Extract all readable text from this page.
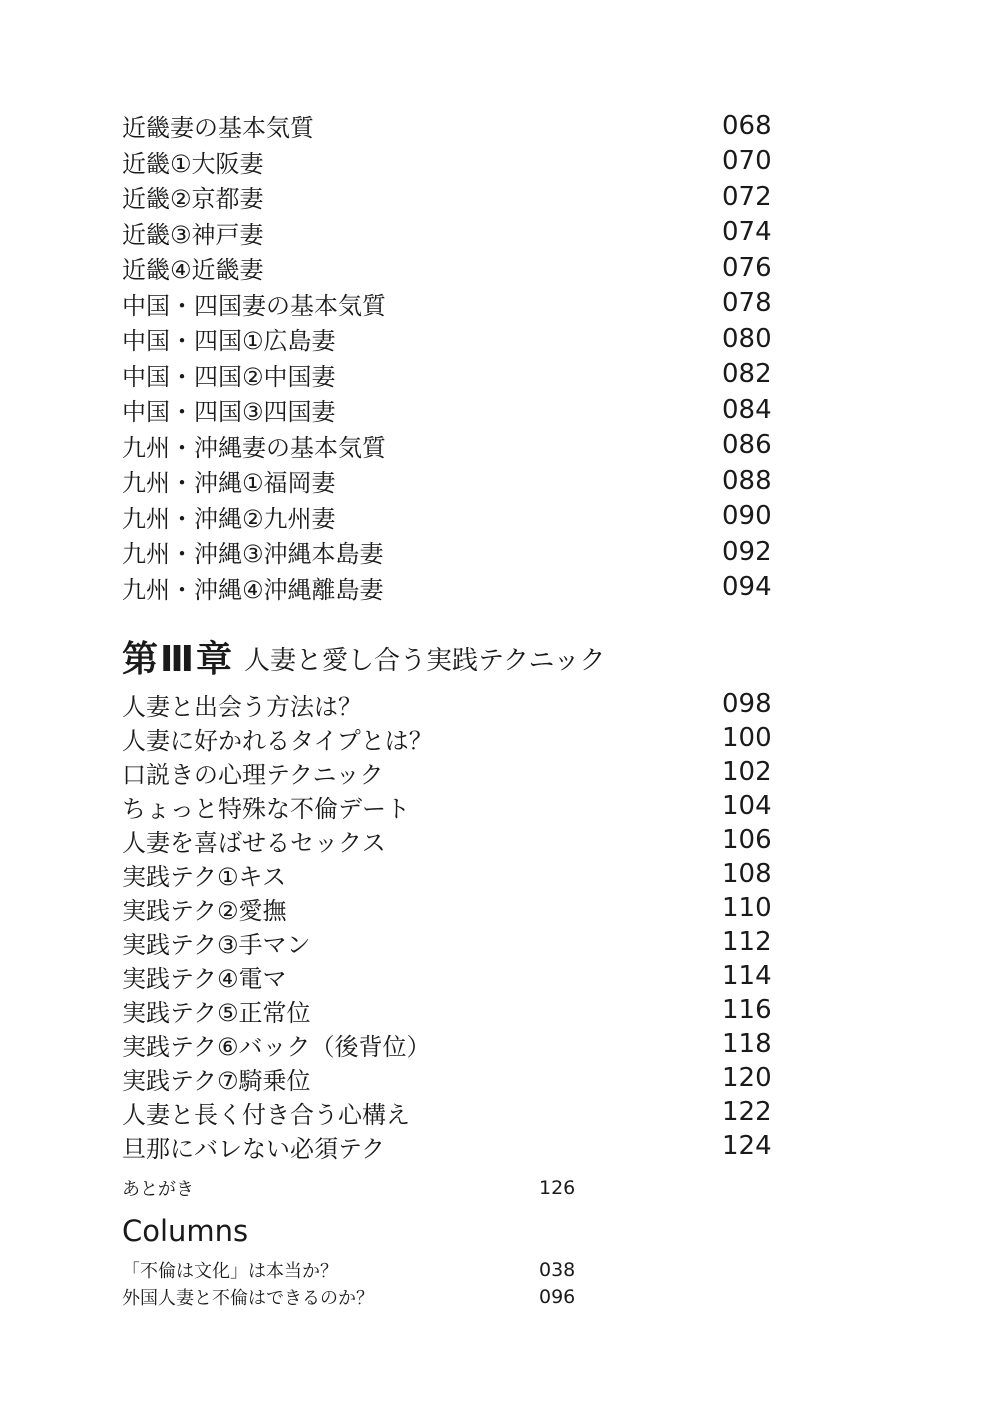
近畿妻の基本気質	068
近畿①大阪妻	070
近畿②京都妻	072
近畿③神戸妻	074
近畿④近畿妻	076
中国・四国妻の基本気質	078
中国・四国①広島妻	080
中国・四国②中国妻	082
中国・四国③四国妻	084
九州・沖縄妻の基本気質	086
九州・沖縄①福岡妻	088
九州・沖縄②九州妻	090
九州・沖縄③沖縄本島妻	092
九州・沖縄④沖縄離島妻	094
第Ⅲ章 人妻と愛し合う実践テクニック
人妻と出会う方法は？	098
人妻に好かれるタイプとは？	100
口説きの心理テクニック	102
ちょっと特殊な不倫デート	104
人妻を喜ばせるセックス	106
実践テク①キス	108
実践テク②愛撫	110
実践テク③手マン	112
実践テク④電マ	114
実践テク⑤正常位	116
実践テク⑥バック（後背位）	118
実践テク⑦騎乗位	120
人妻と長く付き合う心構え	122
旦那にバレない必須テク	124
あとがき	126
Columns
「不倫は文化」は本当か？	038
外国人妻と不倫はできるのか？	096
